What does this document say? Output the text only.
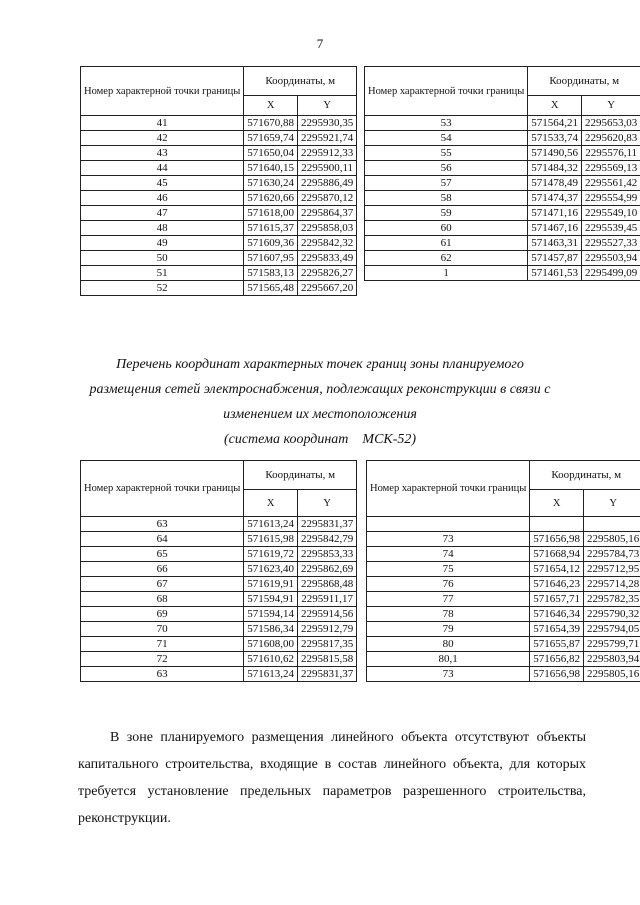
7
Номер характерной точки границы	Координаты, м	
	X	Y
41	571670,88	2295930,35
42	571659,74	2295921,74
43	571650,04	2295912,33
44	571640,15	2295900,11
45	571630,24	2295886,49
46	571620,66	2295870,12
47	571618,00	2295864,37
48	571615,37	2295858,03
49	571609,36	2295842,32
50	571607,95	2295833,49
51	571583,13	2295826,27
52	571565,48	2295667,20
Номер характерной точки границы	Координаты, м	
	X	Y
53	571564,21	2295653,03
54	571533,74	2295620,83
55	571490,56	2295576,11
56	571484,32	2295569,13
57	571478,49	2295561,42
58	571474,37	2295554,99
59	571471,16	2295549,10
60	571467,16	2295539,45
61	571463,31	2295527,33
62	571457,87	2295503,94
1	571461,53	2295499,09
Перечень координат характерных точек границ зоны планируемого
размещения сетей электроснабжения, подлежащих реконструкции в связи с
изменением их местоположения
(система координат    МСК-52)
Номер характерной точки границы	Координаты, м	
	X	Y
63	571613,24	2295831,37
64	571615,98	2295842,79
65	571619,72	2295853,33
66	571623,40	2295862,69
67	571619,91	2295868,48
68	571594,91	2295911,17
69	571594,14	2295914,56
70	571586,34	2295912,79
71	571608,00	2295817,35
72	571610,62	2295815,58
63	571613,24	2295831,37
Номер характерной точки границы	Координаты, м	
	X	Y

73	571656,98	2295805,16
74	571668,94	2295784,73
75	571654,12	2295712,95
76	571646,23	2295714,28
77	571657,71	2295782,35
78	571646,34	2295790,32
79	571654,39	2295794,05
80	571655,87	2295799,71
80,1	571656,82	2295803,94
73	571656,98	2295805,16

В зоне планируемого размещения линейного объекта отсутствуют объекты капитального строительства, входящие в состав линейного объекта, для которых требуется установление предельных параметров разрешенного строительства, реконструкции.
